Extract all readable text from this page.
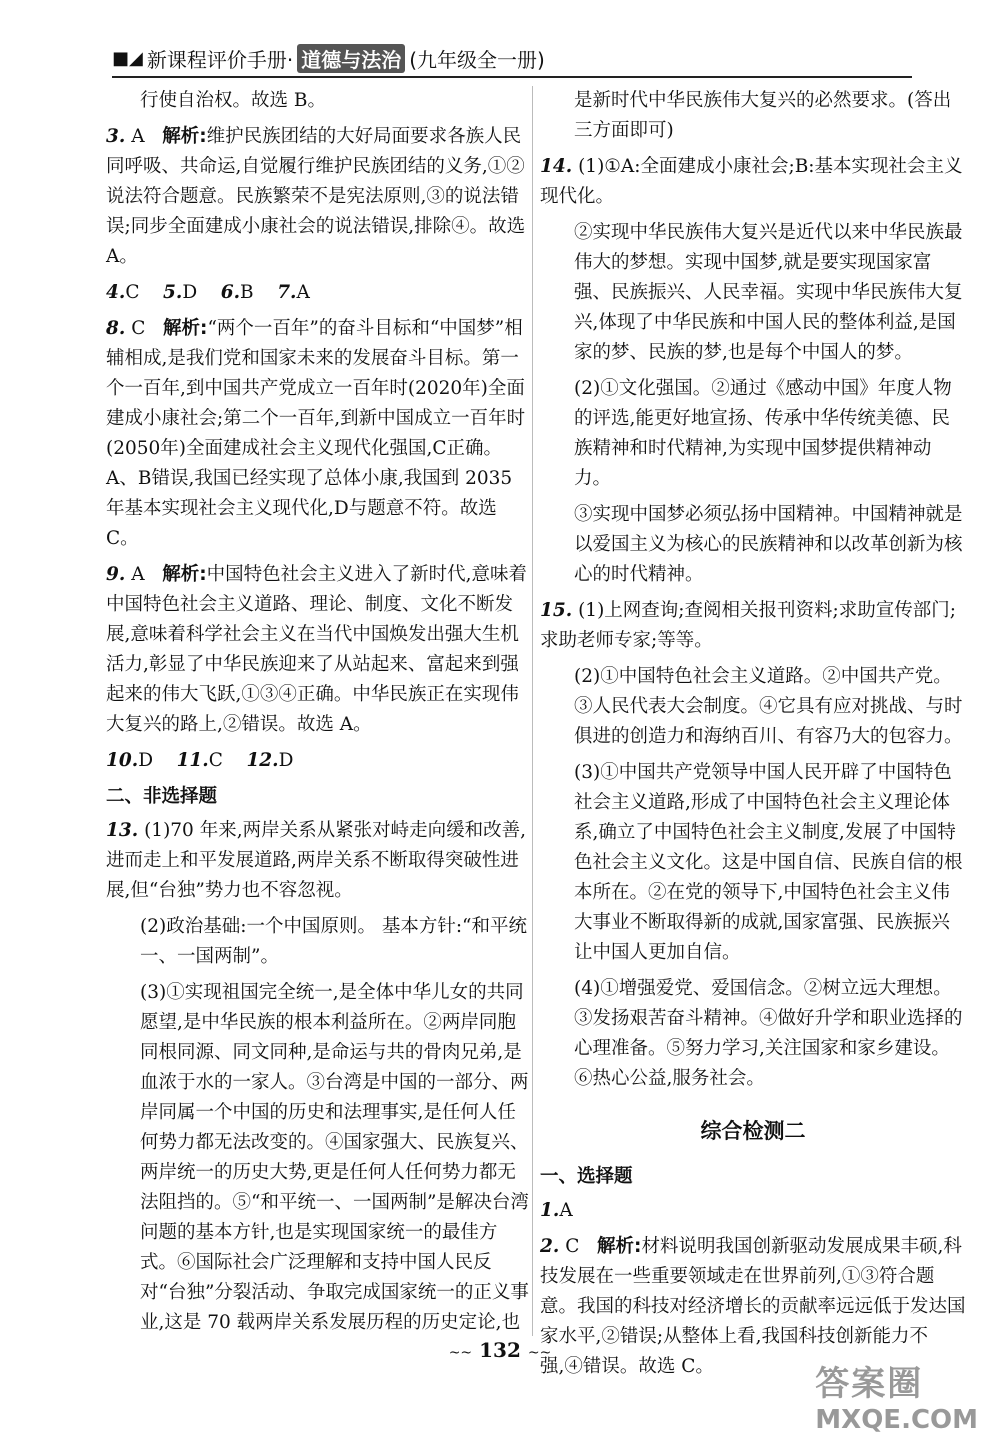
■◢ 新课程评价手册· 道德与法治 (九年级全一册)
行使自治权。故选 B。
3. A 解析:维护民族团结的大好局面要求各族人民同呼吸、共命运,自觉履行维护民族团结的义务,①②说法符合题意。民族繁荣不是宪法原则,③的说法错误;同步全面建成小康社会的说法错误,排除④。故选 A。
4.C 5.D 6.B 7.A
8. C 解析:“两个一百年”的奋斗目标和“中国梦”相辅相成,是我们党和国家未来的发展奋斗目标。第一个一百年,到中国共产党成立一百年时(2020年)全面建成小康社会;第二个一百年,到新中国成立一百年时(2050年)全面建成社会主义现代化强国,C正确。A、B错误,我国已经实现了总体小康,我国到 2035 年基本实现社会主义现代化,D与题意不符。故选 C。
9. A 解析:中国特色社会主义进入了新时代,意味着中国特色社会主义道路、理论、制度、文化不断发展,意味着科学社会主义在当代中国焕发出强大生机活力,彰显了中华民族迎来了从站起来、富起来到强起来的伟大飞跃,①③④正确。中华民族正在实现伟大复兴的路上,②错误。故选 A。
10.D 11.C 12.D
二、非选择题
13. (1)70 年来,两岸关系从紧张对峙走向缓和改善,进而走上和平发展道路,两岸关系不断取得突破性进展,但“台独”势力也不容忽视。
(2)政治基础:一个中国原则。 基本方针:“和平统一、一国两制”。
(3)①实现祖国完全统一,是全体中华儿女的共同愿望,是中华民族的根本利益所在。②两岸同胞同根同源、同文同种,是命运与共的骨肉兄弟,是血浓于水的一家人。③台湾是中国的一部分、两岸同属一个中国的历史和法理事实,是任何人任何势力都无法改变的。④国家强大、民族复兴、两岸统一的历史大势,更是任何人任何势力都无法阻挡的。⑤“和平统一、一国两制”是解决台湾问题的基本方针,也是实现国家统一的最佳方式。⑥国际社会广泛理解和支持中国人民反对“台独”分裂活动、争取完成国家统一的正义事业,这是 70 载两岸关系发展历程的历史定论,也
是新时代中华民族伟大复兴的必然要求。(答出三方面即可)
14. (1)①A:全面建成小康社会;B:基本实现社会主义现代化。
②实现中华民族伟大复兴是近代以来中华民族最伟大的梦想。实现中国梦,就是要实现国家富强、民族振兴、人民幸福。实现中华民族伟大复兴,体现了中华民族和中国人民的整体利益,是国家的梦、民族的梦,也是每个中国人的梦。
(2)①文化强国。②通过《感动中国》年度人物的评选,能更好地宣扬、传承中华传统美德、民族精神和时代精神,为实现中国梦提供精神动力。
③实现中国梦必须弘扬中国精神。中国精神就是以爱国主义为核心的民族精神和以改革创新为核心的时代精神。
15. (1)上网查询;查阅相关报刊资料;求助宣传部门;求助老师专家;等等。
(2)①中国特色社会主义道路。②中国共产党。③人民代表大会制度。④它具有应对挑战、与时俱进的创造力和海纳百川、有容乃大的包容力。
(3)①中国共产党领导中国人民开辟了中国特色社会主义道路,形成了中国特色社会主义理论体系,确立了中国特色社会主义制度,发展了中国特色社会主义文化。这是中国自信、民族自信的根本所在。②在党的领导下,中国特色社会主义伟大事业不断取得新的成就,国家富强、民族振兴让中国人更加自信。
(4)①增强爱党、爱国信念。②树立远大理想。③发扬艰苦奋斗精神。④做好升学和职业选择的心理准备。⑤努力学习,关注国家和家乡建设。⑥热心公益,服务社会。
综合检测二
一、选择题
1.A
2. C 解析:材料说明我国创新驱动发展成果丰硕,科技发展在一些重要领域走在世界前列,①③符合题意。我国的科技对经济增长的贡献率远远低于发达国家水平,②错误;从整体上看,我国科技创新能力不强,④错误。故选 C。
~~ 132 ~~
答案圈
MXQE.COM
